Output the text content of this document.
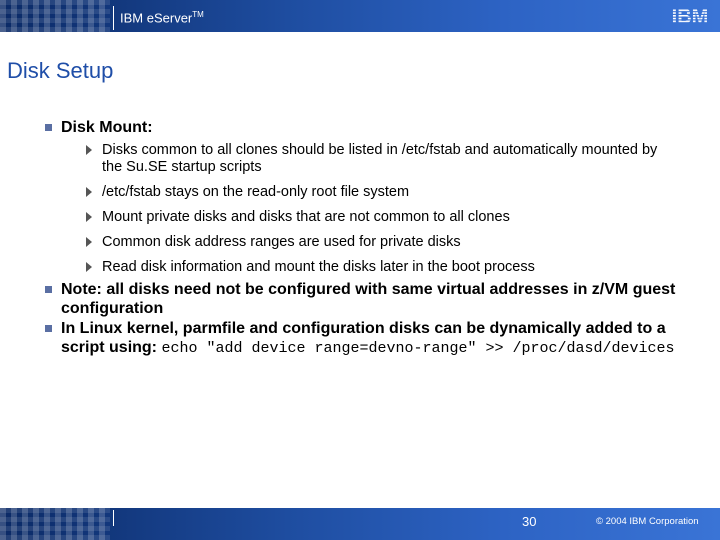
IBM eServer™	IBM
Disk Setup
Disk Mount:
Disks common to all clones should be listed in /etc/fstab and automatically mounted by the Su.SE startup scripts
/etc/fstab stays on the read-only root file system
Mount private disks and disks that are not common to all clones
Common disk address ranges are used for private disks
Read disk information and mount the disks later in the boot process
Note: all disks need not be configured with same virtual addresses in z/VM guest configuration
In Linux kernel, parmfile and configuration disks can be dynamically added to a script using: echo "add device range=devno-range" >> /proc/dasd/devices
30	© 2004 IBM Corporation
